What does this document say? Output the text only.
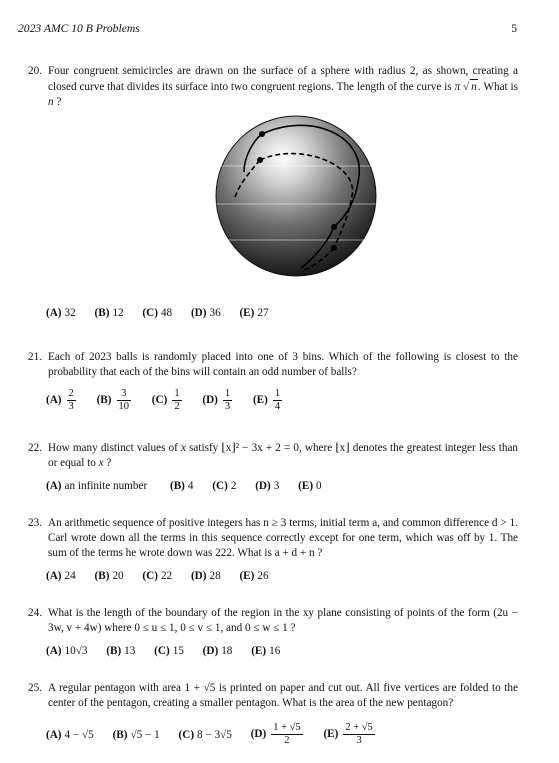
2023 AMC 10 B Problems	5
20. Four congruent semicircles are drawn on the surface of a sphere with radius 2, as shown, creating a closed curve that divides its surface into two congruent regions. The length of the curve is π √ n. What is n ?
(A) 32 (B) 12 (C) 48 (D) 36 (E) 27
21. Each of 2023 balls is randomly placed into one of 3 bins. Which of the following is closest to the probability that each of the bins will contain an odd number of balls?
$(A) \frac{2}{3} (B) \frac{3}{10} (C) \frac{1}{2} (D) \frac{1}{3} (E) \frac{1}{4}$
22. How many distinct values of x satisfy ⌊x⌋² − 3x + 2 = 0, where ⌊x⌋ denotes the greatest integer less than or equal to x ?
(A) an infinite number (B) 4 (C) 2 (D) 3 (E) 0
23. An arithmetic sequence of positive integers has n ≥ 3 terms, initial term a, and common difference d > 1. Carl wrote down all the terms in this sequence correctly except for one term, which was off by 1. The sum of the terms he wrote down was 222. What is a + d + n ?
(A) 24 (B) 20 (C) 22 (D) 28 (E) 26
24. What is the length of the boundary of the region in the xy plane consisting of points of the form (2u − 3w, v + 4w) where 0 ≤ u ≤ 1, 0 ≤ v ≤ 1, and 0 ≤ w ≤ 1 ?
(A) 10√3 (B) 13 (C) 15 (D) 18 (E) 16
25. A regular pentagon with area 1 + √5 is printed on paper and cut out. All five vertices are folded to the center of the pentagon, creating a smaller pentagon. What is the area of the new pentagon?
(A) 4 − √5 (B) √5 − 1 (C) 8 − 3√5 $(D) \frac{1 + √5}{2} (E) \frac{2 + √5}{3}$
